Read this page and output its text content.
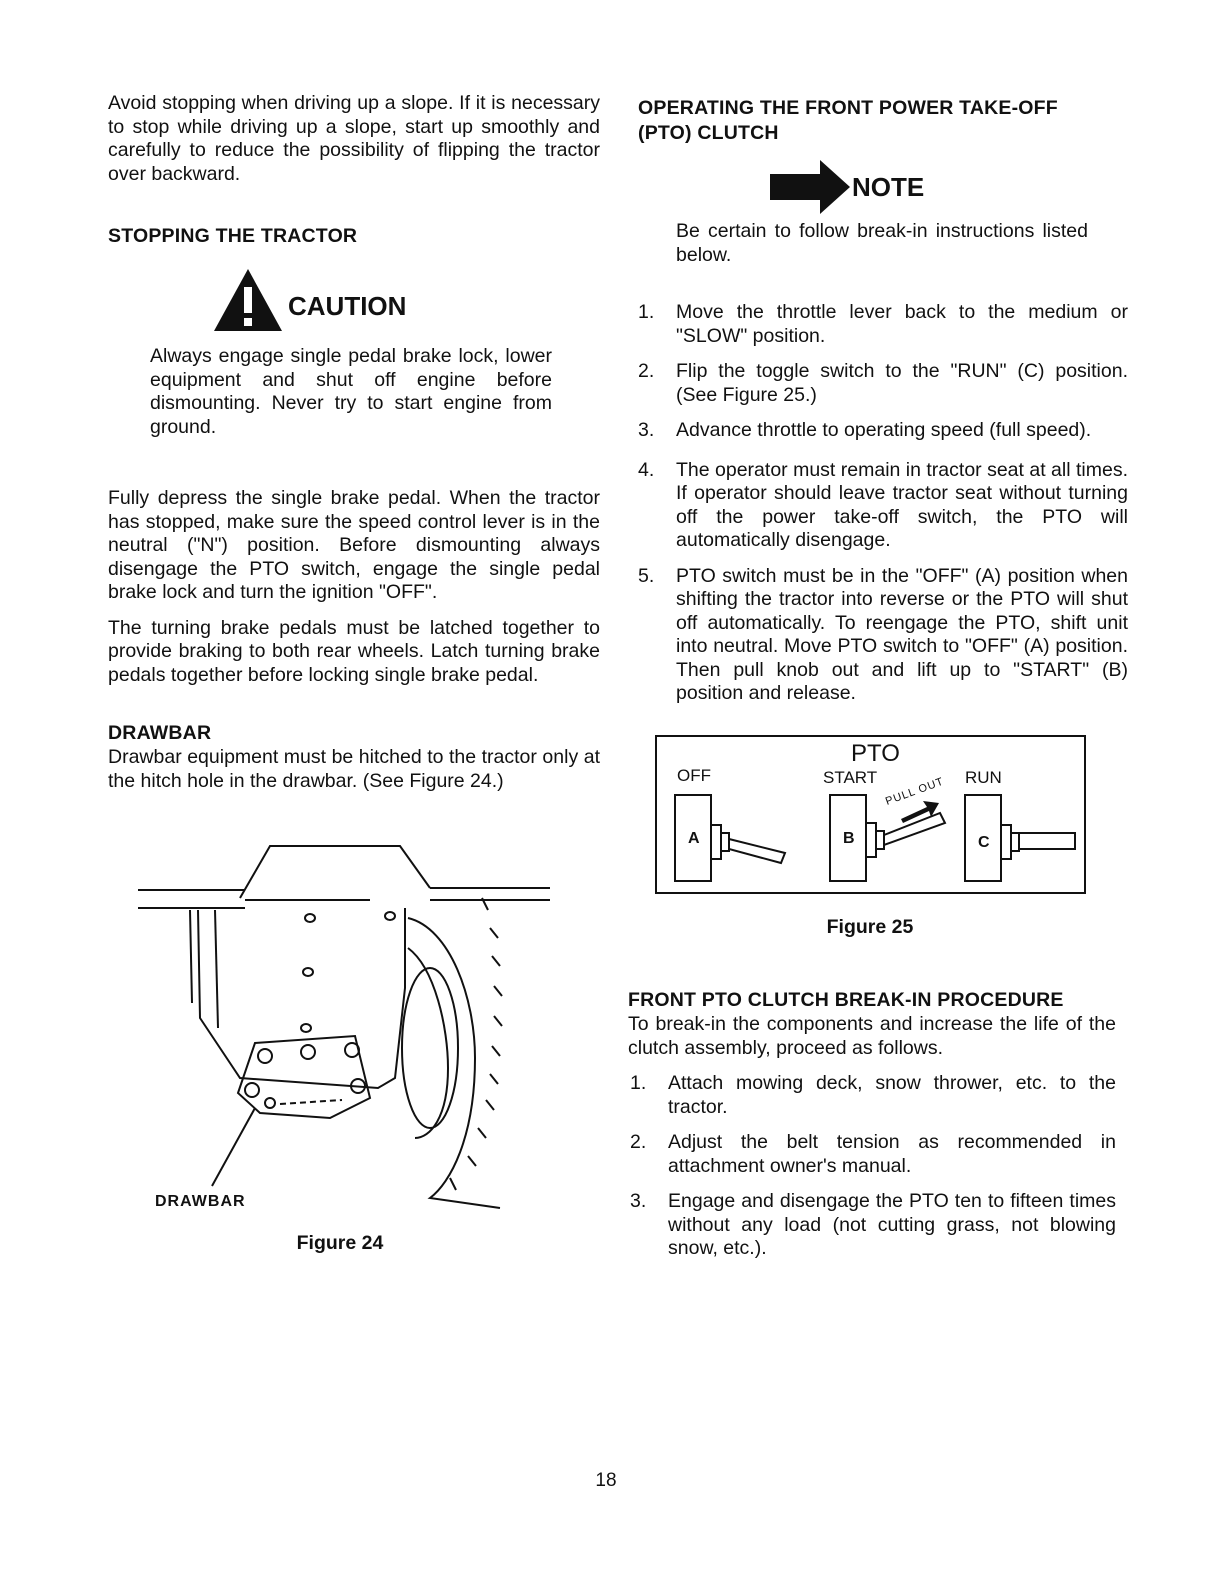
Avoid stopping when driving up a slope. If it is necessary to stop while driving up a slope, start up smoothly and carefully to reduce the possibility of flipping the tractor over backward.

STOPPING THE TRACTOR
CAUTION

Always engage single pedal brake lock, lower equipment and shut off engine before dismounting. Never try to start engine from ground.

Fully depress the single brake pedal. When the tractor has stopped, make sure the speed control lever is in the neutral ("N") position. Before dismounting always disengage the PTO switch, engage the single pedal brake lock and turn the ignition "OFF".

The turning brake pedals must be latched together to provide braking to both rear wheels. Latch turning brake pedals together before locking single brake pedal.

DRAWBAR

Drawbar equipment must be hitched to the tractor only at the hitch hole in the drawbar. (See Figure 24.)

DRAWBAR
Figure 24
OPERATING THE FRONT POWER TAKE-OFF
(PTO) CLUTCH
NOTE

Be certain to follow break-in instructions listed below.

1. Move the throttle lever back to the medium or "SLOW" position.
2. Flip the toggle switch to the "RUN" (C) position. (See Figure 25.)
3. Advance throttle to operating speed (full speed).
4. The operator must remain in tractor seat at all times. If operator should leave tractor seat without turning off the power take-off switch, the PTO will automatically disengage.
5. PTO switch must be in the "OFF" (A) position when shifting the tractor into reverse or the PTO will shut off automatically. To reengage the PTO, shift unit into neutral. Move PTO switch to "OFF" (A) position. Then pull knob out and lift up to "START" (B) position and release.
PTO
OFF	START	RUN
PULL OUT
A	B	C
Figure 25
FRONT PTO CLUTCH BREAK-IN PROCEDURE

To break-in the components and increase the life of the clutch assembly, proceed as follows.

1. Attach mowing deck, snow thrower, etc. to the tractor.
2. Adjust the belt tension as recommended in attachment owner's manual.
3. Engage and disengage the PTO ten to fifteen times without any load (not cutting grass, not blowing snow, etc.).
18
